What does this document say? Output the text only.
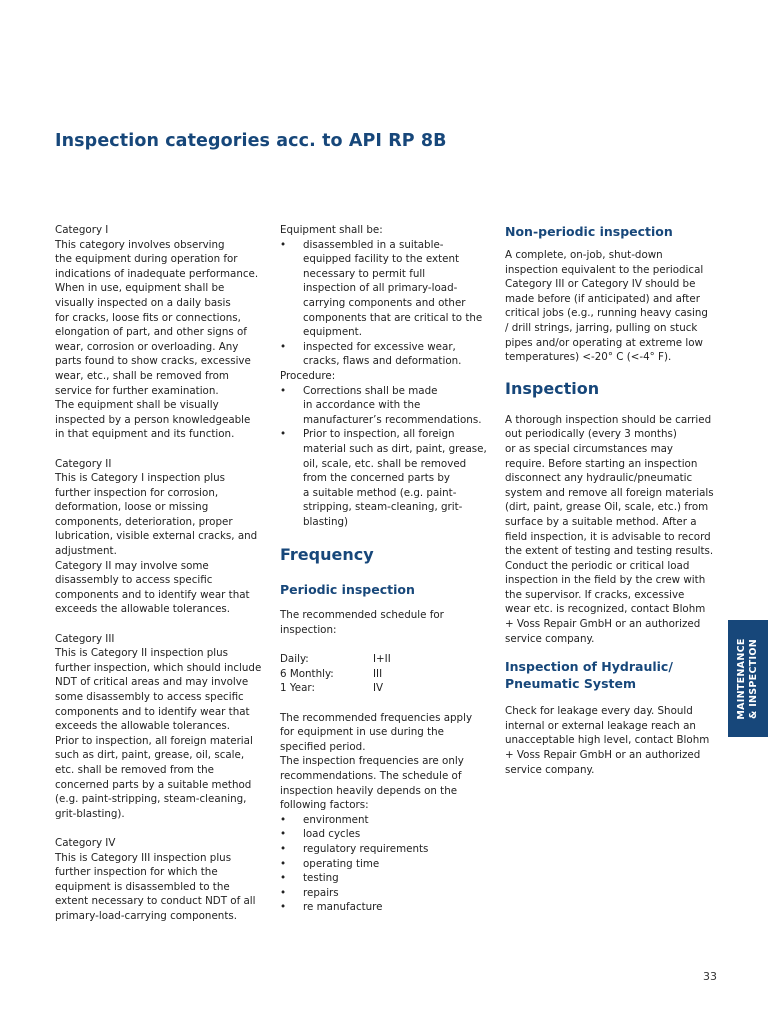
Inspection categories acc. to API RP 8B

Category I

This category involves observing
the equipment during operation for
indications of inadequate performance.
When in use, equipment shall be
visually inspected on a daily basis
for cracks, loose fits or connections,
elongation of part, and other signs of
wear, corrosion or overloading. Any
parts found to show cracks, excessive
wear, etc., shall be removed from
service for further examination.
The equipment shall be visually
inspected by a person knowledgeable
in that equipment and its function.

Category II

This is Category I inspection plus
further inspection for corrosion,
deformation, loose or missing
components, deterioration, proper
lubrication, visible external cracks, and
adjustment.
Category II may involve some
disassembly to access specific
components and to identify wear that
exceeds the allowable tolerances.

Category III

This is Category II inspection plus
further inspection, which should include
NDT of critical areas and may involve
some disassembly to access specific
components and to identify wear that
exceeds the allowable tolerances.
Prior to inspection, all foreign material
such as dirt, paint, grease, oil, scale,
etc. shall be removed from the
concerned parts by a suitable method
(e.g. paint-stripping, steam-cleaning,
grit-blasting).

Category IV

This is Category III inspection plus
further inspection for which the
equipment is disassembled to the
extent necessary to conduct NDT of all
primary-load-carrying components.

Equipment shall be:

• disassembled in a suitable-
equipped facility to the extent
necessary to permit full
inspection of all primary-load-
carrying components and other
components that are critical to the
equipment.
• inspected for excessive wear,
cracks, flaws and deformation.

Procedure:

• Corrections shall be made
in accordance with the
manufacturer’s recommendations.
• Prior to inspection, all foreign
material such as dirt, paint, grease,
oil, scale, etc. shall be removed
from the concerned parts by
a suitable method (e.g. paint-
stripping, steam-cleaning, grit-
blasting)
Frequency
Periodic inspection

The recommended schedule for
inspection:

Daily:	I+II
6 Monthly:	III
1 Year:	IV

The recommended frequencies apply
for equipment in use during the
specified period.
The inspection frequencies are only
recommendations. The schedule of
inspection heavily depends on the
following factors:

• environment
• load cycles
• regulatory requirements
• operating time
• testing
• repairs
• re manufacture
Non-periodic inspection

A complete, on-job, shut-down
inspection equivalent to the periodical
Category III or Category IV should be
made before (if anticipated) and after
critical jobs (e.g., running heavy casing
/ drill strings, jarring, pulling on stuck
pipes and/or operating at extreme low
temperatures) <-20° C (<-4° F).

Inspection

A thorough inspection should be carried
out periodically (every 3 months)
or as special circumstances may
require. Before starting an inspection
disconnect any hydraulic/pneumatic
system and remove all foreign materials
(dirt, paint, grease Oil, scale, etc.) from
surface by a suitable method. After a
field inspection, it is advisable to record
the extent of testing and testing results.
Conduct the periodic or critical load
inspection in the field by the crew with
the supervisor. If cracks, excessive
wear etc. is recognized, contact Blohm
+ Voss Repair GmbH or an authorized
service company.

Inspection of Hydraulic/
Pneumatic System

Check for leakage every day. Should
internal or external leakage reach an
unacceptable high level, contact Blohm
+ Voss Repair GmbH or an authorized
service company.

MAINTENANCE
& INSPECTION
33
